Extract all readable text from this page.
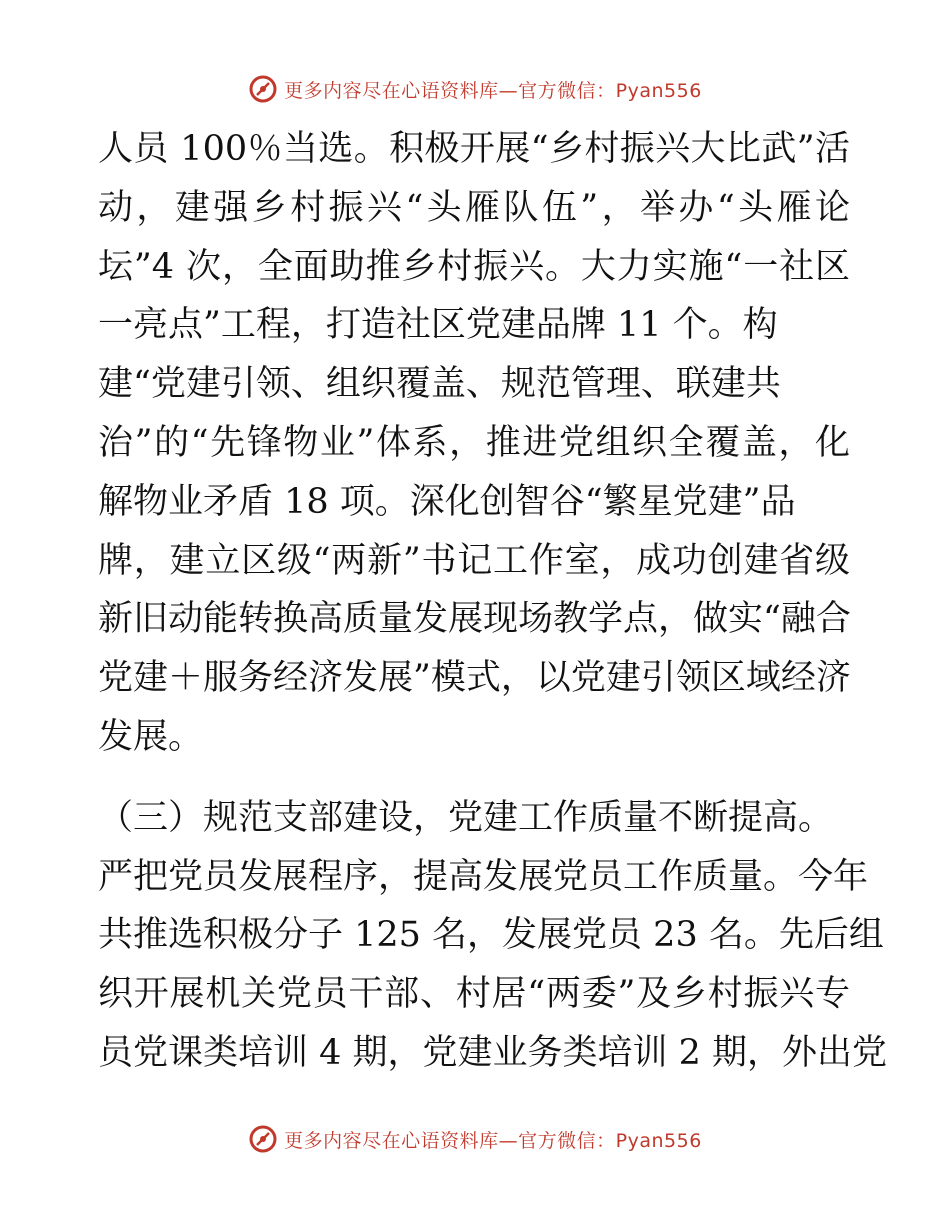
更多内容尽在心语资料库—官方微信：Pyan556
人员 100％当选。积极开展“乡村振兴大比武”活
动，建强乡村振兴“头雁队伍”，举办“头雁论
坛”4 次，全面助推乡村振兴。大力实施“一社区
一亮点”工程，打造社区党建品牌 11 个。构
建“党建引领、组织覆盖、规范管理、联建共
治”的“先锋物业”体系，推进党组织全覆盖，化
解物业矛盾 18 项。深化创智谷“繁星党建”品
牌，建立区级“两新”书记工作室，成功创建省级
新旧动能转换高质量发展现场教学点，做实“融合
党建＋服务经济发展”模式，以党建引领区域经济
发展。
（三）规范支部建设，党建工作质量不断提高。
严把党员发展程序，提高发展党员工作质量。今年
共推选积极分子 125 名，发展党员 23 名。先后组
织开展机关党员干部、村居“两委”及乡村振兴专
员党课类培训 4 期，党建业务类培训 2 期，外出党
更多内容尽在心语资料库—官方微信：Pyan556
